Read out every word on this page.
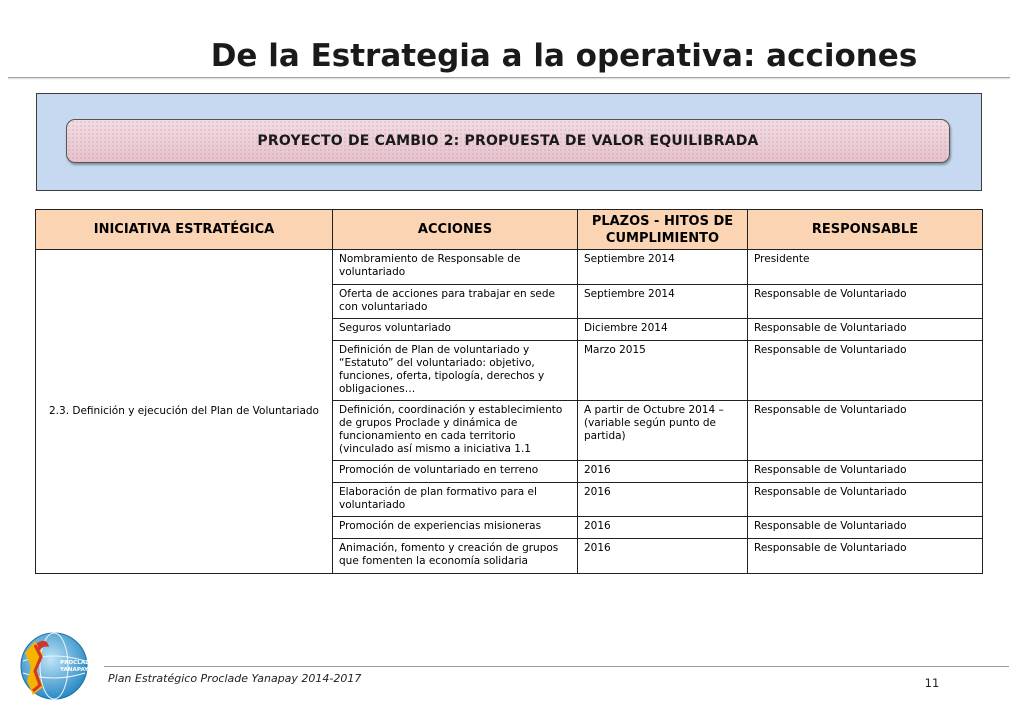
De la Estrategia a la operativa: acciones
PROYECTO DE CAMBIO 2: PROPUESTA DE VALOR EQUILIBRADA
INICIATIVA ESTRATÉGICA	ACCIONES	PLAZOS - HITOS DE CUMPLIMIENTO	RESPONSABLE
2.3. Definición y ejecución del Plan de Voluntariado	Nombramiento de Responsable de voluntariado	Septiembre 2014	Presidente
	Oferta de acciones para trabajar en sede con voluntariado	Septiembre 2014	Responsable de Voluntariado
	Seguros voluntariado	Diciembre 2014	Responsable de Voluntariado
	Definición de Plan de voluntariado y “Estatuto” del voluntariado: objetivo, funciones, oferta, tipología, derechos y obligaciones…	Marzo 2015	Responsable de Voluntariado
	Definición, coordinación y establecimiento de grupos Proclade y dinámica de funcionamiento en cada territorio (vinculado así mismo a iniciativa 1.1	A partir de Octubre 2014 – (variable según punto de partida)	Responsable de Voluntariado
	Promoción de voluntariado en terreno	2016	Responsable de Voluntariado
	Elaboración de plan formativo para el voluntariado	2016	Responsable de Voluntariado
	Promoción de experiencias misioneras	2016	Responsable de Voluntariado
	Animación, fomento y creación de grupos que fomenten la economía solidaria	2016	Responsable de Voluntariado
PROCLADE
YANAPAY
Plan Estratégico Proclade Yanapay 2014-2017	11
